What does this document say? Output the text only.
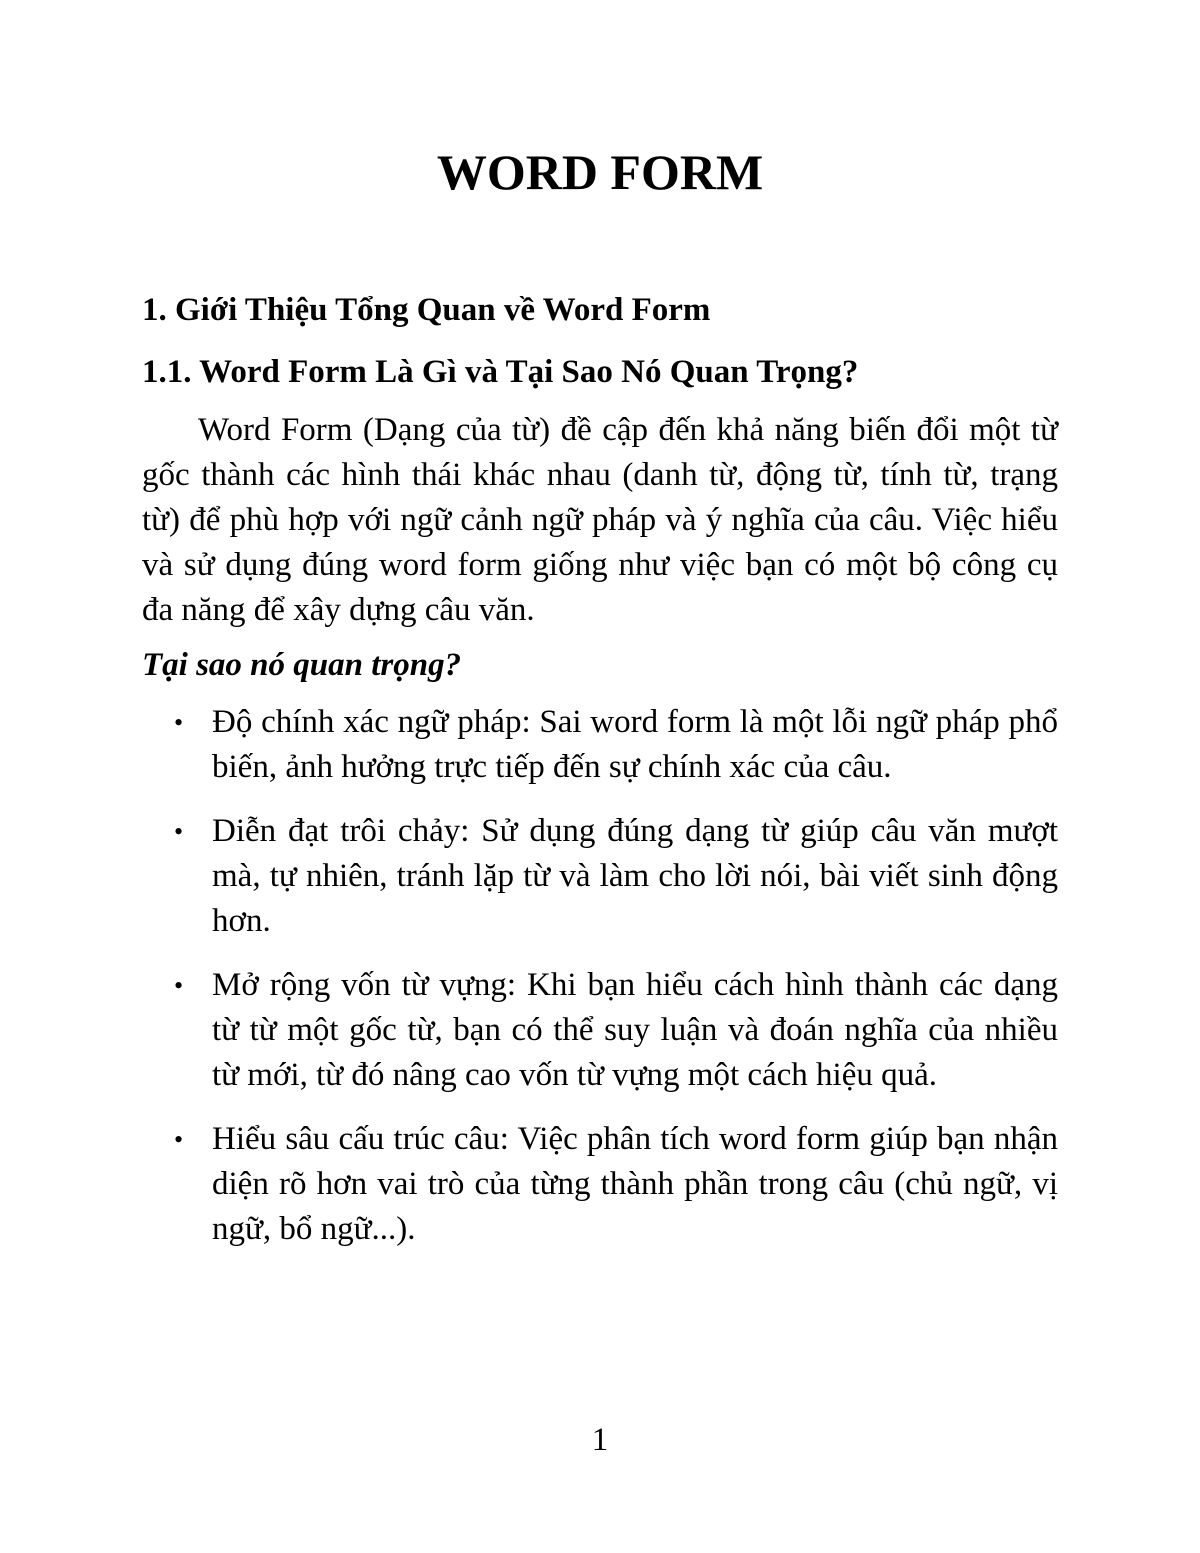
WORD FORM
1. Giới Thiệu Tổng Quan về Word Form
1.1. Word Form Là Gì và Tại Sao Nó Quan Trọng?

Word Form (Dạng của từ) đề cập đến khả năng biến đổi một từ gốc thành các hình thái khác nhau (danh từ, động từ, tính từ, trạng từ) để phù hợp với ngữ cảnh ngữ pháp và ý nghĩa của câu. Việc hiểu và sử dụng đúng word form giống như việc bạn có một bộ công cụ đa năng để xây dựng câu văn.

Tại sao nó quan trọng?

• Độ chính xác ngữ pháp: Sai word form là một lỗi ngữ pháp phổ biến, ảnh hưởng trực tiếp đến sự chính xác của câu.
• Diễn đạt trôi chảy: Sử dụng đúng dạng từ giúp câu văn mượt mà, tự nhiên, tránh lặp từ và làm cho lời nói, bài viết sinh động hơn.
• Mở rộng vốn từ vựng: Khi bạn hiểu cách hình thành các dạng từ từ một gốc từ, bạn có thể suy luận và đoán nghĩa của nhiều từ mới, từ đó nâng cao vốn từ vựng một cách hiệu quả.
• Hiểu sâu cấu trúc câu: Việc phân tích word form giúp bạn nhận diện rõ hơn vai trò của từng thành phần trong câu (chủ ngữ, vị ngữ, bổ ngữ...).
1
